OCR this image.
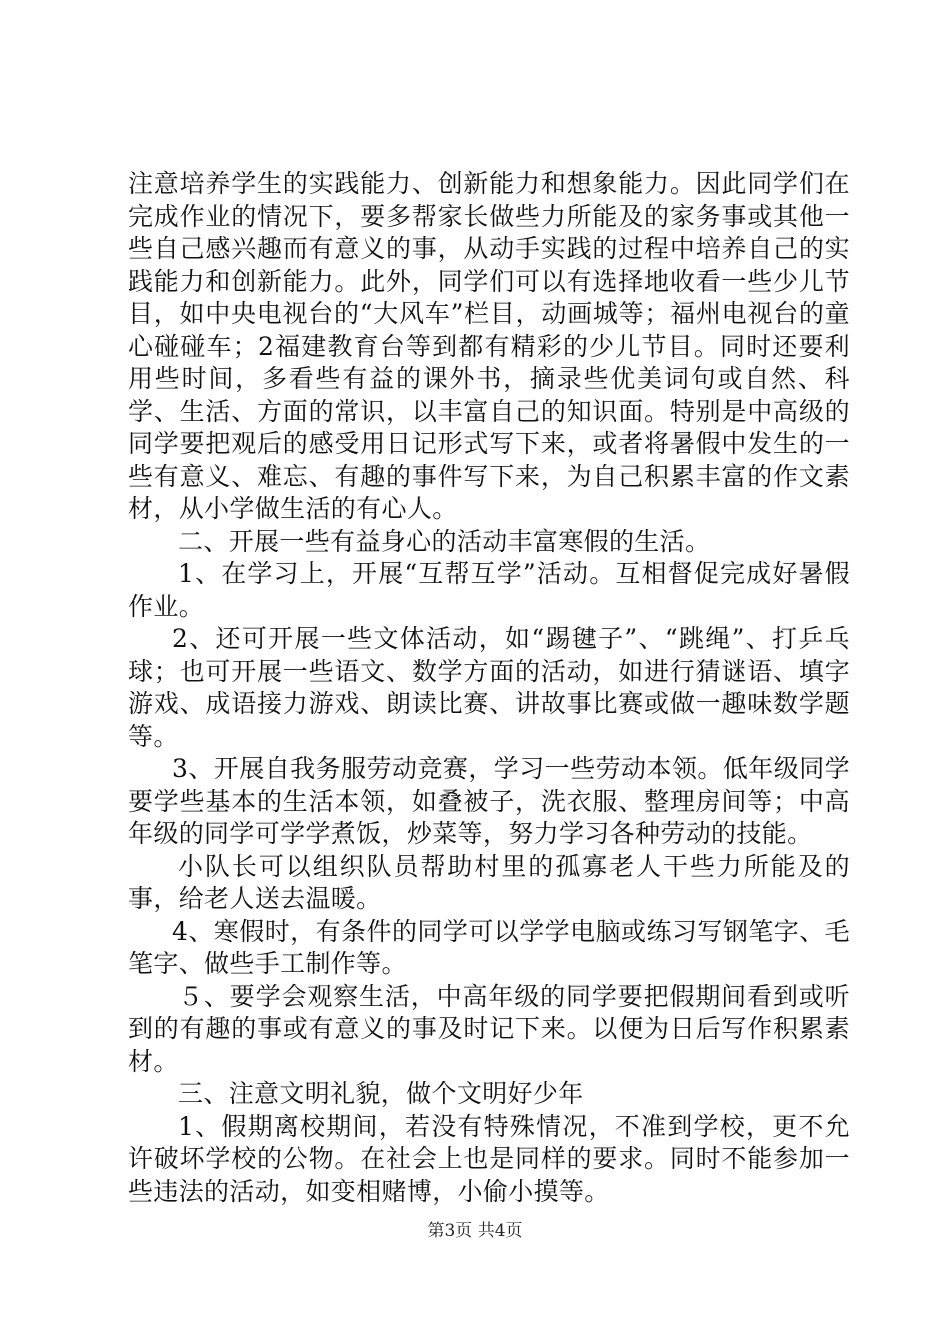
注意培养学生的实践能力、创新能力和想象能力。因此同学们在完成作业的情况下，要多帮家长做些力所能及的家务事或其他一些自己感兴趣而有意义的事，从动手实践的过程中培养自己的实践能力和创新能力。此外，同学们可以有选择地收看一些少儿节目，如中央电视台的“大风车”栏目，动画城等；福州电视台的童心碰碰车；2福建教育台等到都有精彩的少儿节目。同时还要利用些时间，多看些有益的课外书，摘录些优美词句或自然、科学、生活、方面的常识，以丰富自己的知识面。特别是中高级的同学要把观后的感受用日记形式写下来，或者将暑假中发生的一些有意义、难忘、有趣的事件写下来，为自己积累丰富的作文素材，从小学做生活的有心人。

二、开展一些有益身心的活动丰富寒假的生活。

1、在学习上，开展“互帮互学”活动。互相督促完成好暑假作业。

2、还可开展一些文体活动，如“踢毽子”、“跳绳”、打乒乓球；也可开展一些语文、数学方面的活动，如进行猜谜语、填字游戏、成语接力游戏、朗读比赛、讲故事比赛或做一趣味数学题等。

3、开展自我务服劳动竞赛，学习一些劳动本领。低年级同学要学些基本的生活本领，如叠被子，洗衣服、整理房间等；中高年级的同学可学学煮饭，炒菜等，努力学习各种劳动的技能。

小队长可以组织队员帮助村里的孤寡老人干些力所能及的事，给老人送去温暖。

4、寒假时，有条件的同学可以学学电脑或练习写钢笔字、毛笔字、做些手工制作等。

５、要学会观察生活，中高年级的同学要把假期间看到或听到的有趣的事或有意义的事及时记下来。以便为日后写作积累素材。

三、注意文明礼貌，做个文明好少年

1、假期离校期间，若没有特殊情况，不准到学校，更不允许破坏学校的公物。在社会上也是同样的要求。同时不能参加一些违法的活动，如变相赌博，小偷小摸等。

第3页 共4页
